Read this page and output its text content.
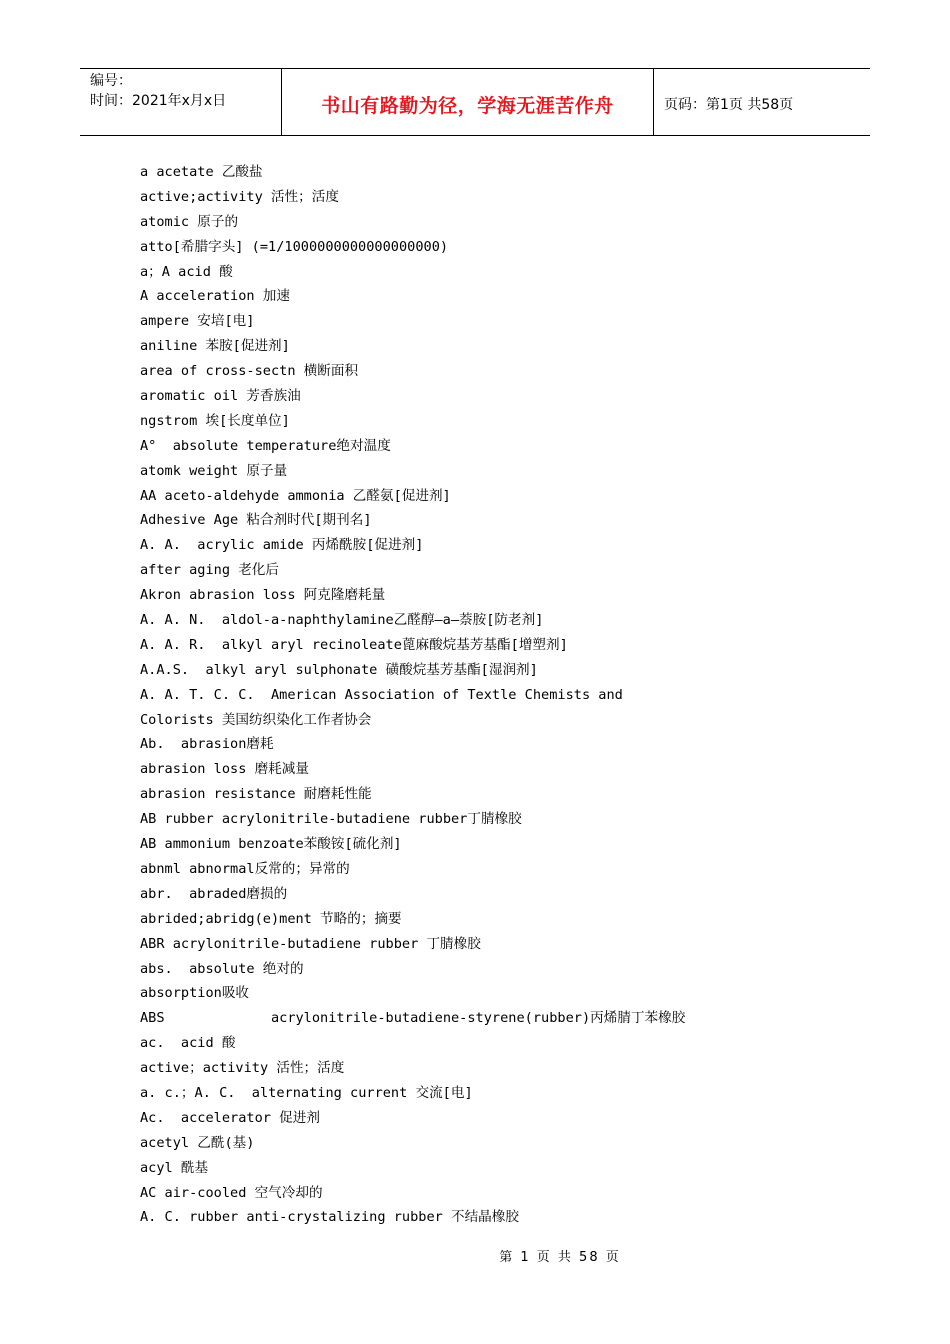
编号：
时间：2021年x月x日	书山有路勤为径，学海无涯苦作舟	页码：第1页 共58页
a acetate 乙酸盐
active;activity 活性；活度
atomic 原子的
atto[希腊字头] (=1/1000000000000000000)
a；A acid 酸
A acceleration 加速
ampere 安培[电]
aniline 苯胺[促进剂]
area of cross-sectn 横断面积
aromatic oil 芳香族油
ngstrom 埃[长度单位]
A°  absolute temperature绝对温度
atomk weight 原子量
AA aceto-aldehyde ammonia 乙醛氨[促进剂]
Adhesive Age 粘合剂时代[期刊名]
A. A.  acrylic amide 丙烯酰胺[促进剂]
after aging 老化后
Akron abrasion loss 阿克隆磨耗量
A. A. N.  aldol-a-naphthylamine乙醛醇—a—萘胺[防老剂]
A. A. R.  alkyl aryl recinoleate蓖麻酸烷基芳基酯[增塑剂]
A.A.S.  alkyl aryl sulphonate 磺酸烷基芳基酯[湿润剂]
A. A. T. C. C.  American Association of Textle Chemists and
Colorists 美国纺织染化工作者协会
Ab.  abrasion磨耗
abrasion loss 磨耗减量
abrasion resistance 耐磨耗性能
AB rubber acrylonitrile-butadiene rubber丁腈橡胶
AB ammonium benzoate苯酸铵[硫化剂]
abnml abnormal反常的；异常的
abr.  abraded磨损的
abrided;abridg(e)ment 节略的；摘要
ABR acrylonitrile-butadiene rubber 丁腈橡胶
abs.  absolute 绝对的
absorption吸收
ABS             acrylonitrile-butadiene-styrene(rubber)丙烯腈丁苯橡胶
ac.  acid 酸
active；activity 活性；活度
a. c.；A. C.  alternating current 交流[电]
Ac.  accelerator 促进剂
acetyl 乙酰(基)
acyl 酰基
AC air-cooled 空气冷却的
A. C. rubber anti-crystalizing rubber 不结晶橡胶
第 1 页 共 58 页
